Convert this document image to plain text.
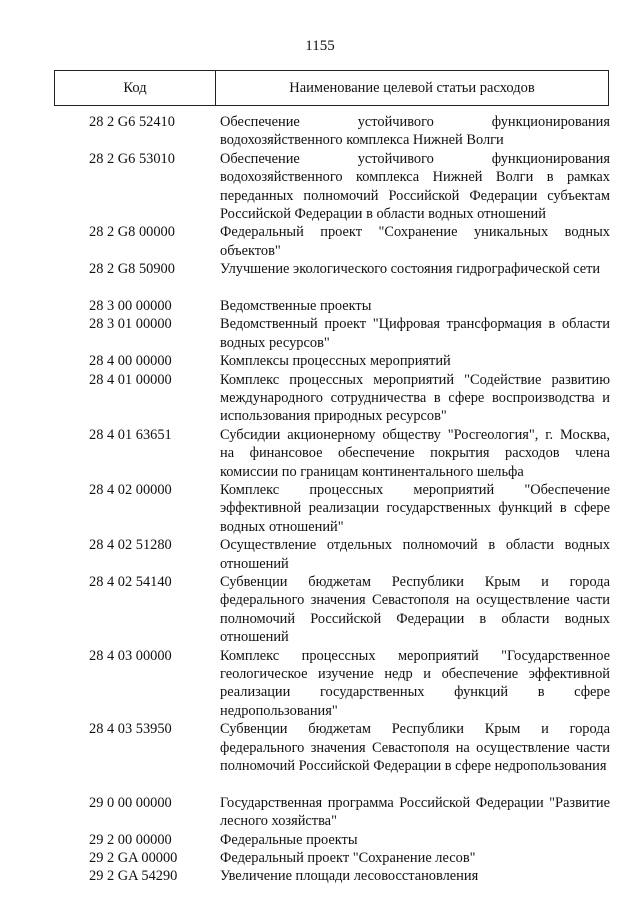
1155
Код	Наименование целевой статьи расходов
28 2 G6 52410	Обеспечение устойчивого функционирования водохозяйственного комплекса Нижней Волги
28 2 G6 53010	Обеспечение устойчивого функционирования водохозяйственного комплекса Нижней Волги в рамках переданных полномочий Российской Федерации субъектам Российской Федерации в области водных отношений
28 2 G8 00000	Федеральный проект "Сохранение уникальных водных объектов"
28 2 G8 50900	Улучшение экологического состояния гидрографической сети
28 3 00 00000	Ведомственные проекты
28 3 01 00000	Ведомственный проект "Цифровая трансформация в области водных ресурсов"
28 4 00 00000	Комплексы процессных мероприятий
28 4 01 00000	Комплекс процессных мероприятий "Содействие развитию международного сотрудничества в сфере воспроизводства и использования природных ресурсов"
28 4 01 63651	Субсидии акционерному обществу "Росгеология", г. Москва, на финансовое обеспечение покрытия расходов члена комиссии по границам континентального шельфа
28 4 02 00000	Комплекс процессных мероприятий "Обеспечение эффективной реализации государственных функций в сфере водных отношений"
28 4 02 51280	Осуществление отдельных полномочий в области водных отношений
28 4 02 54140	Субвенции бюджетам Республики Крым и города федерального значения Севастополя на осуществление части полномочий Российской Федерации в области водных отношений
28 4 03 00000	Комплекс процессных мероприятий "Государственное геологическое изучение недр и обеспечение эффективной реализации государственных функций в сфере недропользования"
28 4 03 53950	Субвенции бюджетам Республики Крым и города федерального значения Севастополя на осуществление части полномочий Российской Федерации в сфере недропользования
29 0 00 00000	Государственная программа Российской Федерации "Развитие лесного хозяйства"
29 2 00 00000	Федеральные проекты
29 2 GA 00000	Федеральный проект "Сохранение лесов"
29 2 GA 54290	Увеличение площади лесовосстановления
